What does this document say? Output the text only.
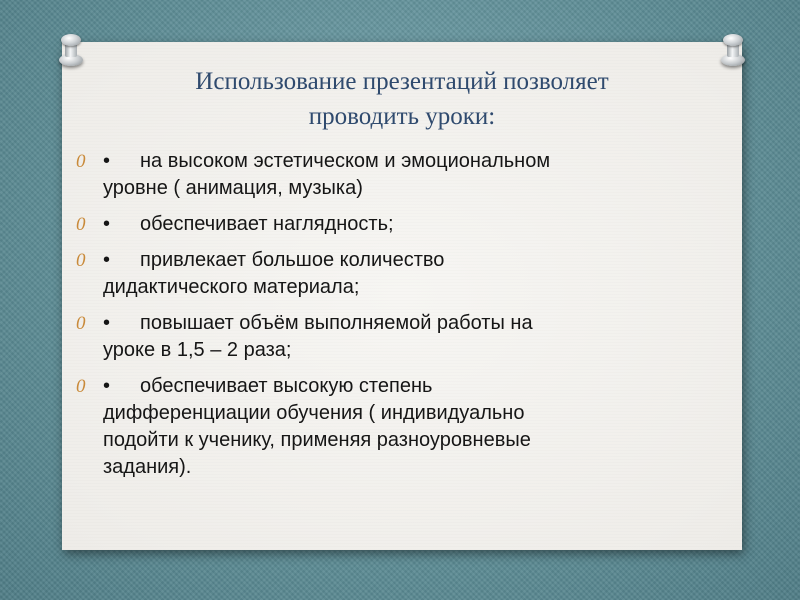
Использование презентаций позволяет
проводить уроки:
0 • на высоком эстетическом и эмоциональном
уровне ( анимация, музыка)
0 • обеспечивает наглядность;
0 • привлекает большое количество
дидактического материала;
0 • повышает объём выполняемой работы на
уроке в 1,5 – 2 раза;
0 • обеспечивает высокую степень
дифференциации обучения ( индивидуально
подойти к ученику, применяя разноуровневые
задания).
